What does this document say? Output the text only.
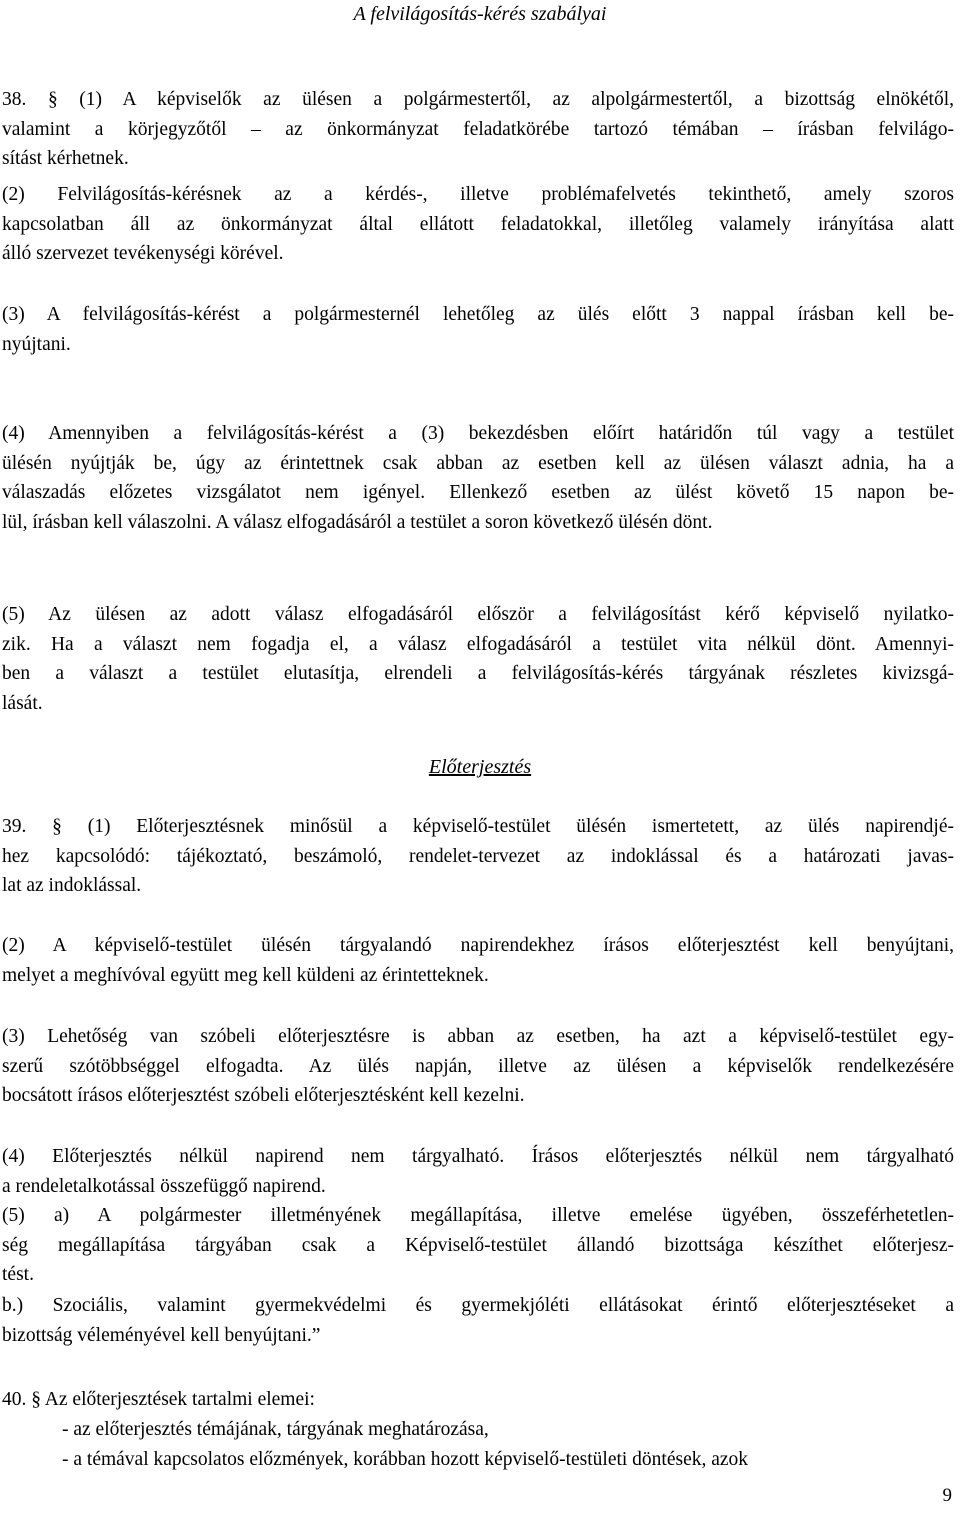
A felvilágosítás-kérés szabályai
38. § (1) A képviselők az ülésen a polgármestertől, az alpolgármestertől, a bizottság elnökétől,
valamint a körjegyzőtől – az önkormányzat feladatkörébe tartozó témában – írásban felvilágo-
sítást kérhetnek.
(2) Felvilágosítás-kérésnek az a kérdés-, illetve problémafelvetés tekinthető, amely szoros
kapcsolatban áll az önkormányzat által ellátott feladatokkal, illetőleg valamely irányítása alatt
álló szervezet tevékenységi körével.
(3) A felvilágosítás-kérést a polgármesternél lehetőleg az ülés előtt 3 nappal írásban kell be-
nyújtani.
(4) Amennyiben a felvilágosítás-kérést a (3) bekezdésben előírt határidőn túl vagy a testület
ülésén nyújtják be, úgy az érintettnek csak abban az esetben kell az ülésen választ adnia, ha a
válaszadás előzetes vizsgálatot nem igényel. Ellenkező esetben az ülést követő 15 napon be-
lül, írásban kell válaszolni. A válasz elfogadásáról a testület a soron következő ülésén dönt.
(5) Az ülésen az adott válasz elfogadásáról először a felvilágosítást kérő képviselő nyilatko-
zik. Ha a választ nem fogadja el, a válasz elfogadásáról a testület vita nélkül dönt. Amennyi-
ben a választ a testület elutasítja, elrendeli a felvilágosítás-kérés tárgyának részletes kivizsgá-
lását.
Előterjesztés
39. § (1) Előterjesztésnek minősül a képviselő-testület ülésén ismertetett, az ülés napirendjé-
hez kapcsolódó: tájékoztató, beszámoló, rendelet-tervezet az indoklással és a határozati javas-
lat az indoklással.
(2) A képviselő-testület ülésén tárgyalandó napirendekhez írásos előterjesztést kell benyújtani,
melyet a meghívóval együtt meg kell küldeni az érintetteknek.
(3) Lehetőség van szóbeli előterjesztésre is abban az esetben, ha azt a képviselő-testület egy-
szerű szótöbbséggel elfogadta. Az ülés napján, illetve az ülésen a képviselők rendelkezésére
bocsátott írásos előterjesztést szóbeli előterjesztésként kell kezelni.
(4) Előterjesztés nélkül napirend nem tárgyalható. Írásos előterjesztés nélkül nem tárgyalható
a rendeletalkotással összefüggő napirend.
(5) a) A polgármester illetményének megállapítása, illetve emelése ügyében, összeférhetetlen-
ség megállapítása tárgyában csak a Képviselő-testület állandó bizottsága készíthet előterjesz-
tést.
b.) Szociális, valamint gyermekvédelmi és gyermekjóléti ellátásokat érintő előterjesztéseket a
bizottság véleményével kell benyújtani.”
40. § Az előterjesztések tartalmi elemei:
- az előterjesztés témájának, tárgyának meghatározása,
- a témával kapcsolatos előzmények, korábban hozott képviselő-testületi döntések, azok
9
